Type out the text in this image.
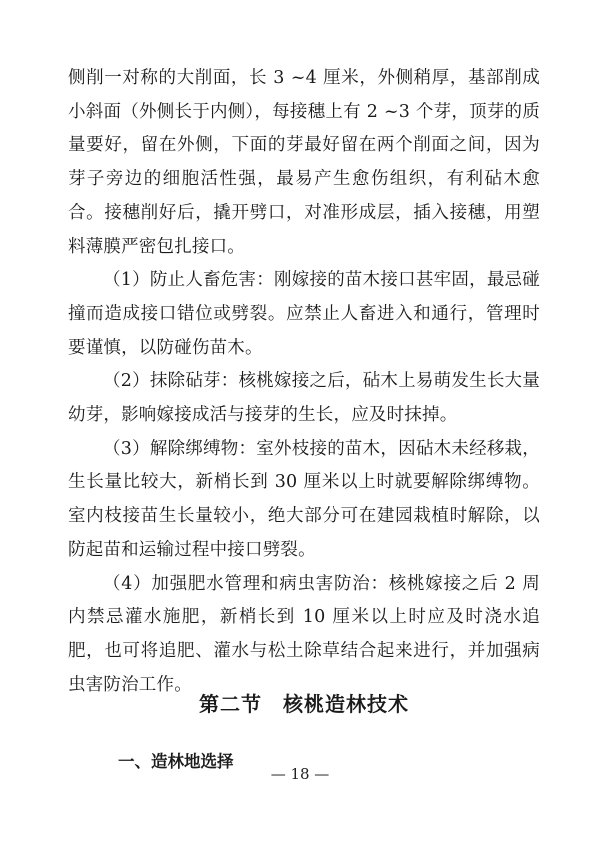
侧削一对称的大削面，长 3 ~4 厘米，外侧稍厚，基部削成小斜面（外侧长于内侧），每接穗上有 2 ~3 个芽，顶芽的质量要好，留在外侧，下面的芽最好留在两个削面之间，因为芽子旁边的细胞活性强，最易产生愈伤组织，有利砧木愈合。接穗削好后，撬开劈口，对准形成层，插入接穗，用塑料薄膜严密包扎接口。

（1）防止人畜危害：刚嫁接的苗木接口甚牢固，最忌碰撞而造成接口错位或劈裂。应禁止人畜进入和通行，管理时要谨慎，以防碰伤苗木。

（2）抹除砧芽：核桃嫁接之后，砧木上易萌发生长大量幼芽，影响嫁接成活与接芽的生长，应及时抹掉。

（3）解除绑缚物：室外枝接的苗木，因砧木未经移栽，生长量比较大，新梢长到 30 厘米以上时就要解除绑缚物。室内枝接苗生长量较小，绝大部分可在建园栽植时解除，以防起苗和运输过程中接口劈裂。

（4）加强肥水管理和病虫害防治：核桃嫁接之后 2 周内禁忌灌水施肥，新梢长到 10 厘米以上时应及时浇水追肥，也可将追肥、灌水与松土除草结合起来进行，并加强病虫害防治工作。

第二节　核桃造林技术
一、造林地选择
— 18 —
